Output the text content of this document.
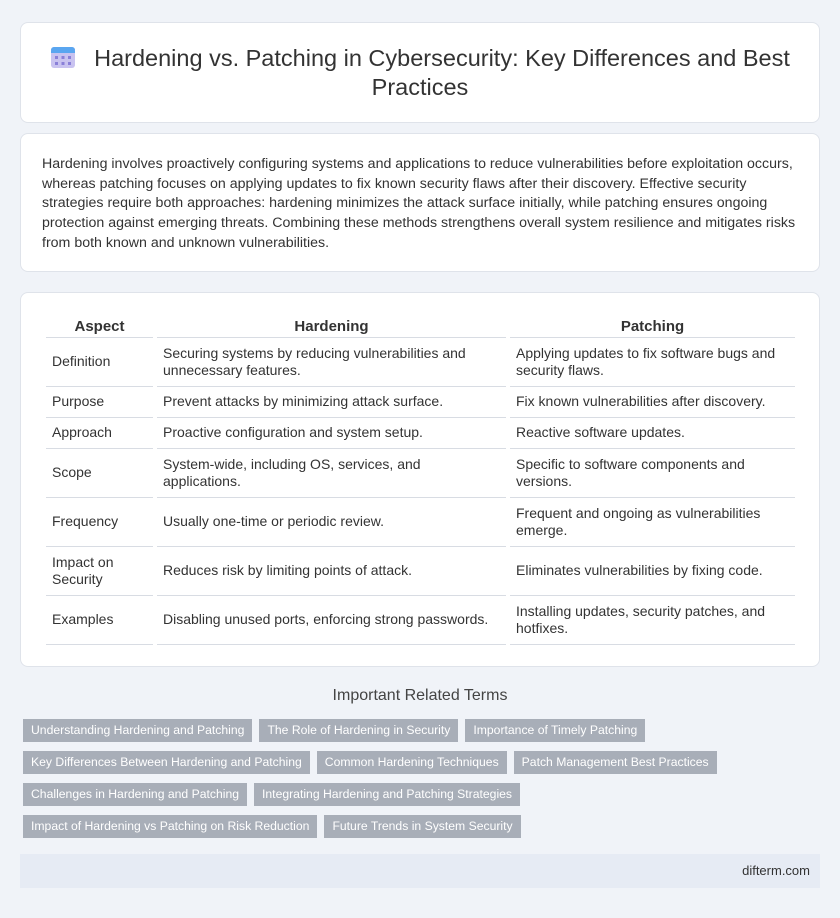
Hardening vs. Patching in Cybersecurity: Key Differences and Best Practices

Hardening involves proactively configuring systems and applications to reduce vulnerabilities before exploitation occurs, whereas patching focuses on applying updates to fix known security flaws after their discovery. Effective security strategies require both approaches: hardening minimizes the attack surface initially, while patching ensures ongoing protection against emerging threats. Combining these methods strengthens overall system resilience and mitigates risks from both known and unknown vulnerabilities.

Aspect	Hardening	Patching
Definition	Securing systems by reducing vulnerabilities and unnecessary features.	Applying updates to fix software bugs and security flaws.
Purpose	Prevent attacks by minimizing attack surface.	Fix known vulnerabilities after discovery.
Approach	Proactive configuration and system setup.	Reactive software updates.
Scope	System-wide, including OS, services, and applications.	Specific to software components and versions.
Frequency	Usually one-time or periodic review.	Frequent and ongoing as vulnerabilities emerge.
Impact on Security	Reduces risk by limiting points of attack.	Eliminates vulnerabilities by fixing code.
Examples	Disabling unused ports, enforcing strong passwords.	Installing updates, security patches, and hotfixes.
Important Related Terms
Understanding Hardening and Patching	The Role of Hardening in Security	Importance of Timely Patching
Key Differences Between Hardening and Patching	Common Hardening Techniques	Patch Management Best Practices
Challenges in Hardening and Patching	Integrating Hardening and Patching Strategies
Impact of Hardening vs Patching on Risk Reduction	Future Trends in System Security
difterm.com
